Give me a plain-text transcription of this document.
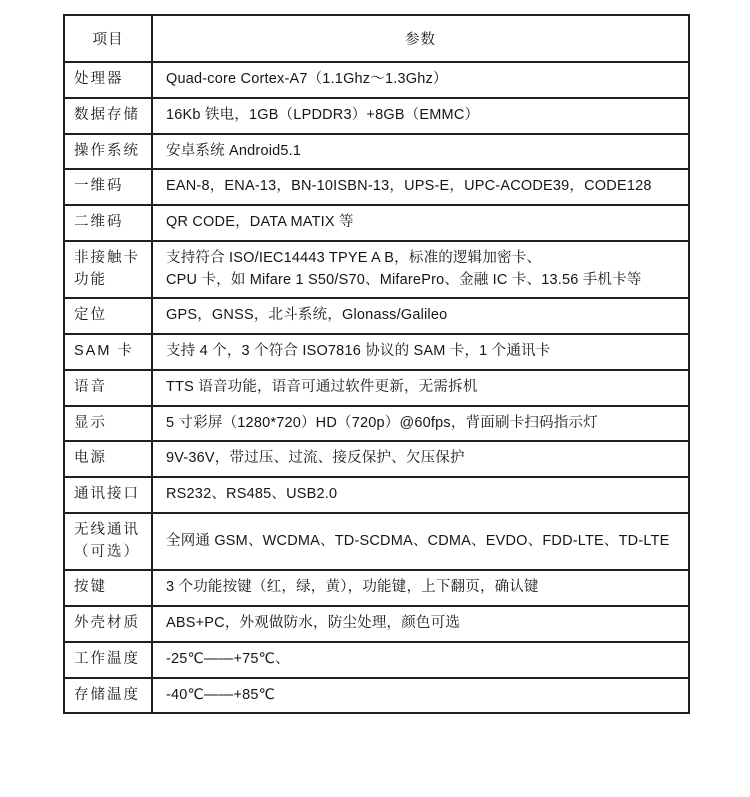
项目	参数
处理器	Quad-core Cortex-A7（1.1Ghz～1.3Ghz）
数据存储	16Kb 铁电，1GB（LPDDR3）+8GB（EMMC）
操作系统	安卓系统 Android5.1
一维码	EAN-8，ENA-13，BN-10ISBN-13，UPS-E，UPC-ACODE39，CODE128
二维码	QR CODE，DATA MATIX 等
非接触卡功能	支持符合 ISO/IEC14443 TPYE A B，标准的逻辑加密卡、
CPU 卡，如 Mifare 1 S50/S70、MifarePro、金融 IC 卡、13.56 手机卡等

定位	GPS，GNSS，北斗系统，Glonass/Galileo
SAM 卡	支持 4 个，3 个符合 ISO7816 协议的 SAM 卡，1 个通讯卡
语音	TTS 语音功能，语音可通过软件更新，无需拆机
显示	5 寸彩屏（1280*720）HD（720p）@60fps，背面刷卡扫码指示灯
电源	9V-36V，带过压、过流、接反保护、欠压保护
通讯接口	RS232、RS485、USB2.0
无线通讯（可选）	全网通 GSM、WCDMA、TD-SCDMA、CDMA、EVDO、FDD-LTE、TD-LTE
按键	3 个功能按键（红，绿，黄），功能键，上下翻页，确认键
外壳材质	ABS+PC，外观做防水，防尘处理，颜色可选
工作温度	-25℃——+75℃、
存储温度	-40℃——+85℃
